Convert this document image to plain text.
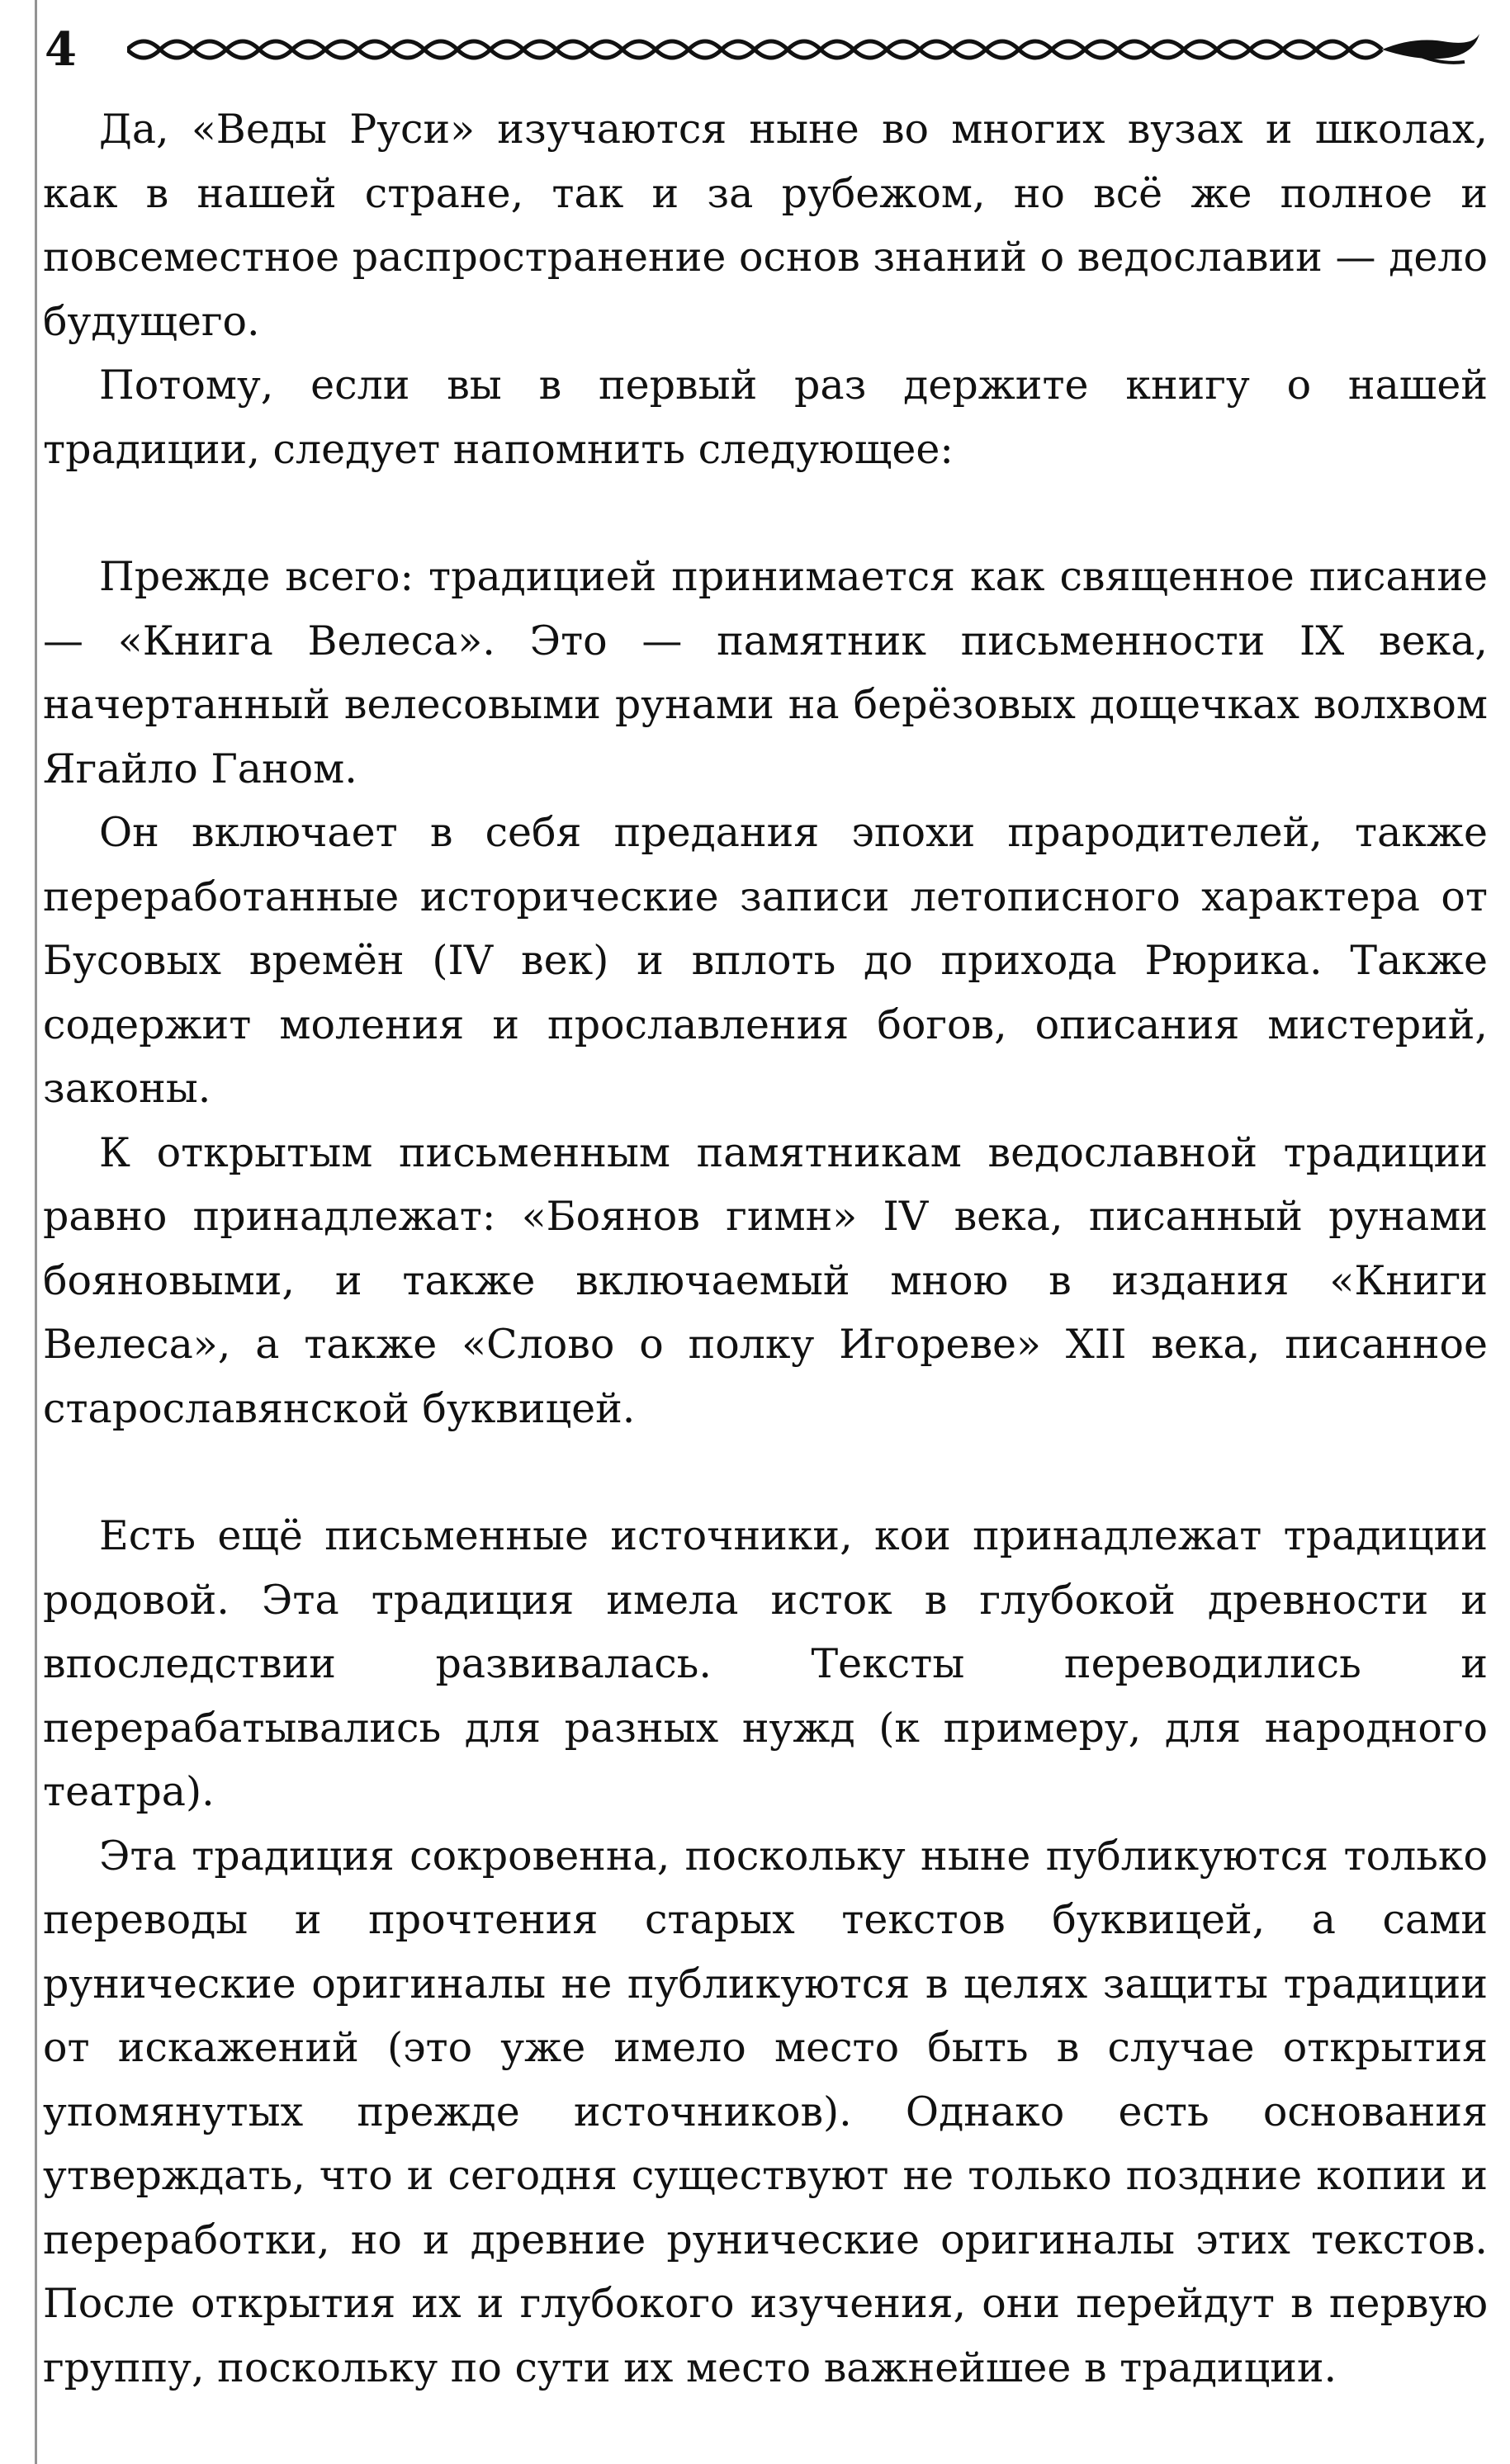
4

Да, «Веды Руси» изучаются ныне во многих вузах и школах, как в нашей стране, так и за рубежом, но всё же полное и повсеместное распространение основ знаний о ведославии — дело будущего.

Потому, если вы в первый раз держите книгу о нашей традиции, следует напомнить следующее:

Прежде всего: традицией принимается как священное писание — «Книга Велеса». Это — памятник письменности IX века, начертанный велесовыми рунами на берёзовых дощечках волхвом Ягайло Ганом.

Он включает в себя предания эпохи прародителей, также переработанные исторические записи летописного характера от Бусовых времён (IV век) и вплоть до прихода Рюрика. Также содержит моления и прославления богов, описания мистерий, законы.

К открытым письменным памятникам ведославной традиции равно принадлежат: «Боянов гимн» IV века, писанный рунами бояновыми, и также включаемый мною в издания «Книги Велеса», а также «Слово о полку Игореве» XII века, писанное старославянской буквицей.

Есть ещё письменные источники, кои принадлежат традиции родовой. Эта традиция имела исток в глубокой древности и впоследствии развивалась. Тексты переводились и перерабатывались для разных нужд (к примеру, для народного театра).

Эта традиция сокровенна, поскольку ныне публикуются только переводы и прочтения старых текстов буквицей, а сами рунические оригиналы не публикуются в целях защиты традиции от искажений (это уже имело место быть в случае открытия упомянутых прежде источников). Однако есть основания утверждать, что и сегодня существуют не только поздние копии и переработки, но и древние рунические оригиналы этих текстов. После открытия их и глубокого изучения, они перейдут в первую группу, поскольку по сути их место важнейшее в традиции.
